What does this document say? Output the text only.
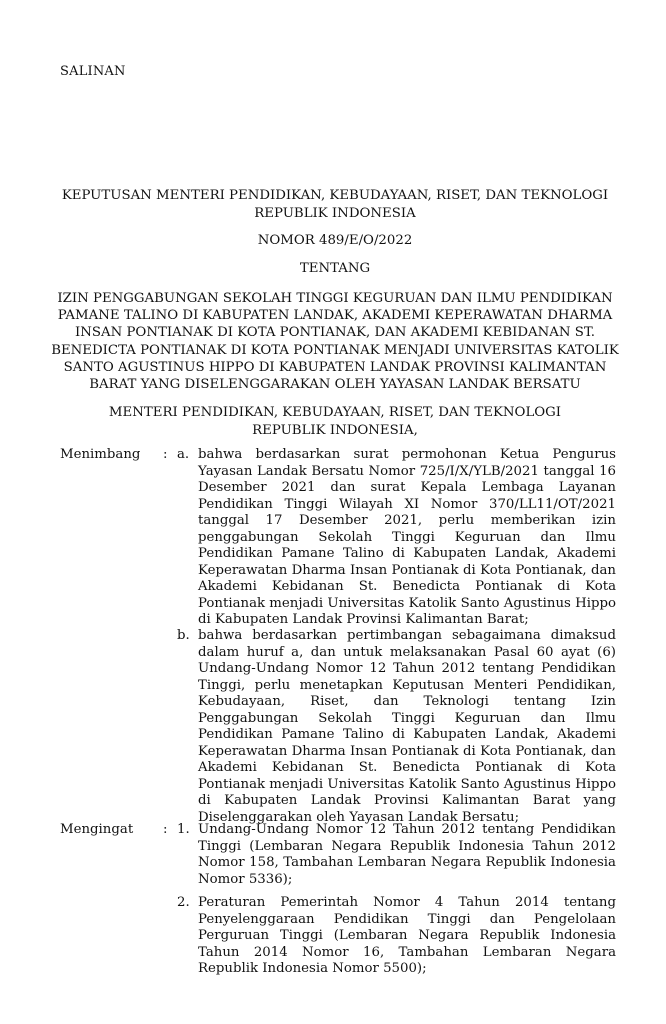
SALINAN
KEPUTUSAN MENTERI PENDIDIKAN, KEBUDAYAAN, RISET, DAN TEKNOLOGI
REPUBLIK INDONESIA
NOMOR 489/E/O/2022
TENTANG
IZIN PENGGABUNGAN SEKOLAH TINGGI KEGURUAN DAN ILMU PENDIDIKAN
PAMANE TALINO DI KABUPATEN LANDAK, AKADEMI KEPERAWATAN DHARMA
INSAN PONTIANAK DI KOTA PONTIANAK, DAN AKADEMI KEBIDANAN ST.
BENEDICTA PONTIANAK DI KOTA PONTIANAK MENJADI UNIVERSITAS KATOLIK
SANTO AGUSTINUS HIPPO DI KABUPATEN LANDAK PROVINSI KALIMANTAN
BARAT YANG DISELENGGARAKAN OLEH YAYASAN LANDAK BERSATU
MENTERI PENDIDIKAN, KEBUDAYAAN, RISET, DAN TEKNOLOGI
REPUBLIK INDONESIA,
Menimbang : a. bahwa berdasarkan surat permohonan Ketua Pengurus Yayasan Landak Bersatu Nomor 725/I/X/YLB/2021 tanggal 16 Desember 2021 dan surat Kepala Lembaga Layanan Pendidikan Tinggi Wilayah XI Nomor 370/LL11/OT/2021 tanggal 17 Desember 2021, perlu memberikan izin penggabungan Sekolah Tinggi Keguruan dan Ilmu Pendidikan Pamane Talino di Kabupaten Landak, Akademi Keperawatan Dharma Insan Pontianak di Kota Pontianak, dan Akademi Kebidanan St. Benedicta Pontianak di Kota Pontianak menjadi Universitas Katolik Santo Agustinus Hippo di Kabupaten Landak Provinsi Kalimantan Barat;
b. bahwa berdasarkan pertimbangan sebagaimana dimaksud dalam huruf a, dan untuk melaksanakan Pasal 60 ayat (6) Undang-Undang Nomor 12 Tahun 2012 tentang Pendidikan Tinggi, perlu menetapkan Keputusan Menteri Pendidikan, Kebudayaan, Riset, dan Teknologi tentang Izin Penggabungan Sekolah Tinggi Keguruan dan Ilmu Pendidikan Pamane Talino di Kabupaten Landak, Akademi Keperawatan Dharma Insan Pontianak di Kota Pontianak, dan Akademi Kebidanan St. Benedicta Pontianak di Kota Pontianak menjadi Universitas Katolik Santo Agustinus Hippo di Kabupaten Landak Provinsi Kalimantan Barat yang Diselenggarakan oleh Yayasan Landak Bersatu;
Mengingat : 1. Undang-Undang Nomor 12 Tahun 2012 tentang Pendidikan Tinggi (Lembaran Negara Republik Indonesia Tahun 2012 Nomor 158, Tambahan Lembaran Negara Republik Indonesia Nomor 5336);
2. Peraturan Pemerintah Nomor 4 Tahun 2014 tentang Penyelenggaraan Pendidikan Tinggi dan Pengelolaan Perguruan Tinggi (Lembaran Negara Republik Indonesia Tahun 2014 Nomor 16, Tambahan Lembaran Negara Republik Indonesia Nomor 5500);
